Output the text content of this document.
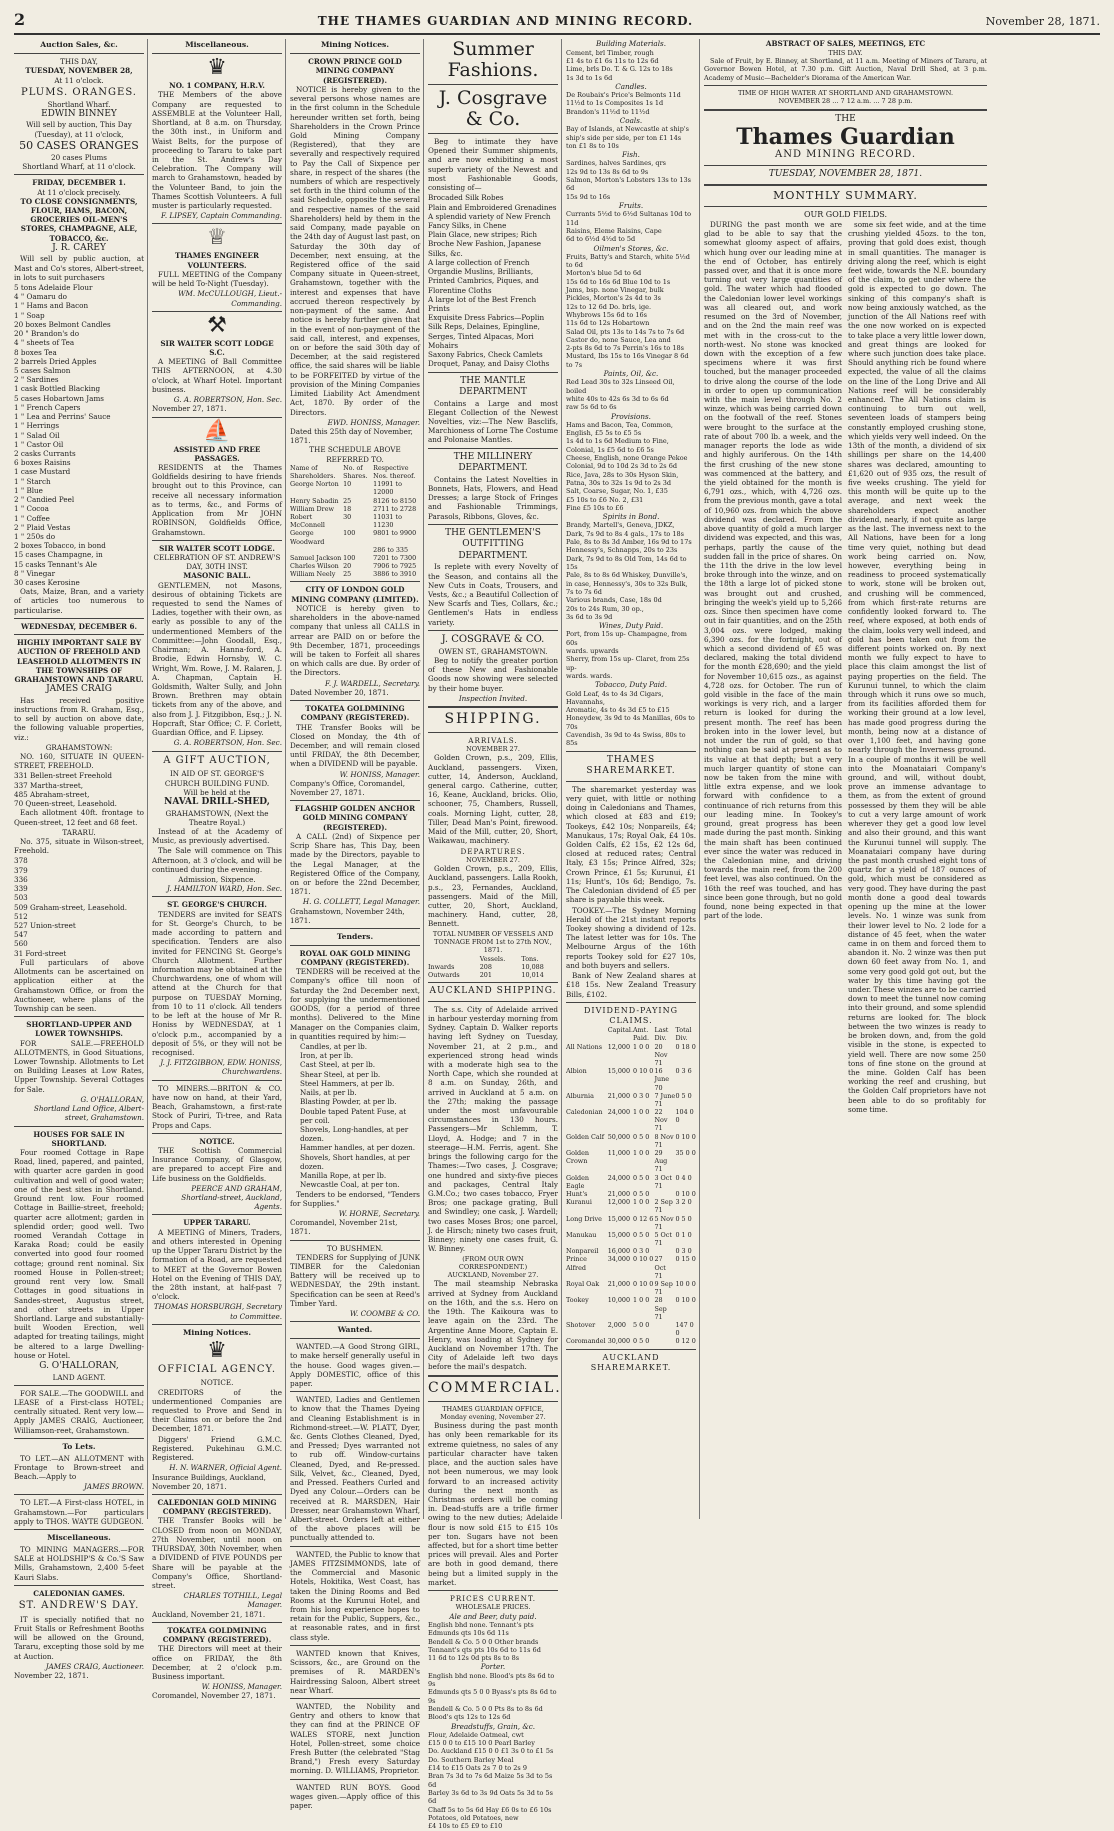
2	THE THAMES GUARDIAN AND MINING RECORD.	November 28, 1871.
Auction Sales, &c.
THIS DAY,
TUESDAY, NOVEMBER 28,
At 11 o'clock.
PLUMS. ORANGES.
Shortland Wharf.
EDWIN BINNEY
Will sell by auction, This Day (Tuesday), at 11 o'clock,
50 CASES ORANGES
20 cases Plums
Shortland Wharf, at 11 o'clock.
FRIDAY, DECEMBER 1.
At 11 o'clock precisely.
TO CLOSE CONSIGNMENTS,
FLOUR, HAMS, BACON, GROCERIES OIL-MEN'S STORES, CHAMPAGNE, ALE, TOBACCO, &c.
J. R. CAREY
Will sell by public auction, at Mast and Co's stores, Albert-street, in lots to suit purchasers
5 tons Adelaide Flour
4 " Oamaru do
1 " Hams and Bacon
1 " Soap
20 boxes Belmont Candles
20 " Brandon's do
4 " sheets of Tea
8 boxes Tea
2 barrels Dried Apples
5 cases Salmon
2 " Sardines
1 cask Bottled Blacking
5 cases Hobartown Jams
1 " French Capers
1 " Lea and Perrins' Sauce
1 " Herrings
1 " Salad Oil
1 " Castor Oil
2 casks Currants
6 boxes Raisins
1 case Mustard
1 " Starch
1 " Blue
2 " Candied Peel
1 " Cocoa
1 " Coffee
2 " Plaid Vestas
1 " 250s do
2 boxes Tobacco, in bond
15 cases Champagne, in
15 casks Tennant's Ale
8 " Vinegar
30 cases Kerosine
Oats, Maize, Bran, and a variety of articles too numerous to particularise.
WEDNESDAY, DECEMBER 6.
HIGHLY IMPORTANT SALE BY AUCTION OF FREEHOLD AND LEASEHOLD ALLOTMENTS IN THE TOWNSHIPS OF GRAHAMSTOWN AND TARARU.
JAMES CRAIG
Has received positive instructions from R. Graham, Esq., to sell by auction on above date, the following valuable properties, viz.:
GRAHAMSTOWN:
NO. 160, SITUATE IN QUEEN-STREET, FREEHOLD.
331 Bellen-street Freehold
337 Martha-street,
485 Abraham-street,
70 Queen-street, Leasehold.
Each allotment 40ft. frontage to Queen-street, 12 feet and 68 feet.
TARARU.
No. 375, situate in Wilson-street, Freehold.
378
379
336
339
503
509 Graham-street, Leasehold.
512
527 Union-street
547
560
31 Ford-street
Full particulars of above Allotments can be ascertained on application either at the Grahamstown Office, or from the Auctioneer, where plans of the Township can be seen.
SHORTLAND-UPPER AND LOWER TOWNSHIPS.
FOR SALE.—FREEHOLD ALLOTMENTS, in Good Situations, Lower Township. Allotments to Let on Building Leases at Low Rates, Upper Township. Several Cottages for Sale.
G. O'HALLORAN,
Shortland Land Office, Albert-street, Grahamstown.
HOUSES FOR SALE IN SHORTLAND.
Four roomed Cottage in Rape Road, lined, papered, and painted, with quarter acre garden in good cultivation and well of good water; one of the best sites in Shortland. Ground rent low. Four roomed Cottage in Baillie-street, freehold; quarter acre allotment; garden in splendid order; good well. Two roomed Verandah Cottage in Karaka Road; could be easily converted into good four roomed cottage; ground rent nominal. Six roomed House in Pollen-street; ground rent very low. Small Cottages in good situations in Sandes-street, Augustus street, and other streets in Upper Shortland. Large and substantially-built Wooden Erection, well adapted for treating tailings, might be altered to a large Dwelling-house or Hotel.
G. O'HALLORAN,
LAND AGENT.
FOR SALE.—The GOODWILL and LEASE of a First-class HOTEL; centrally situated. Rent very low.—Apply JAMES CRAIG, Auctioneer, Williamson-reet, Grahamstown.
To Lets.
TO LET.—AN ALLOTMENT with Frontage to Brown-street and Beach.—Apply to
JAMES BROWN.
TO LET.—A First-class HOTEL, in Grahamstown.—For particulars apply to THOS. WAYTE GUDGEON.
Miscellaneous.
TO MINING MANAGERS.—FOR SALE at HOLDSHIP'S & Co.'S Saw Mills, Grahamstown, 2,400 5-feet Kauri Slabs.
CALEDONIAN GAMES.
ST. ANDREW'S DAY.
IT is specially notified that no Fruit Stalls or Refreshment Booths will be allowed on the Ground, Tararu, excepting those sold by me at Auction.
JAMES CRAIG, Auctioneer.
November 22, 1871.
Miscellaneous.
♛
NO. 1 COMPANY, H.R.V.
THE Members of the above Company are requested to ASSEMBLE at the Volunteer Hall, Shortland, at 8 a.m. on Thursday, the 30th inst., in Uniform and Waist Belts, for the purpose of proceeding to Tararu to take part in the St. Andrew's Day Celebration. The Company will march to Grahamstown, headed by the Volunteer Band, to join the Thames Scottish Volunteers. A full muster is particularly requested.
F. LIPSEY, Captain Commanding.
♕
THAMES ENGINEER VOLUNTEERS.
FULL MEETING of the Company will be held To-Night (Tuesday).
WM. McCULLOUGH, Lieut.-Commanding.
⚒
SIR WALTER SCOTT LODGE S.C.
A MEETING of Ball Committee THIS AFTERNOON, at 4.30 o'clock, at Wharf Hotel. Important business.
G. A. ROBERTSON, Hon. Sec.
November 27, 1871.
⛵
ASSISTED AND FREE PASSAGES.
RESIDENTS at the Thames Goldfields desiring to have friends brought out to this Province, can receive all necessary information as to terms, &c., and Forms of Application from Mr JOHN ROBINSON, Goldfields Office, Grahamstown.
SIR WALTER SCOTT LODGE.
CELEBRATION OF ST. ANDREW'S DAY, 30TH INST.
MASONIC BALL.
GENTLEMEN, not Masons, desirous of obtaining Tickets are requested to send the Names of Ladies, together with their own, as early as possible to any of the undermentioned Members of the Committee:—John Goodall, Esq., Chairman; A. Hanna-ford, A. Brodie, Edwin Hornsby, W. C. Wright, Wm. Rowe, J. M. Ralaren, J. A. Chapman, Captain H. Goldsmith, Walter Sully, and John Brown. Brethren may obtain tickets from any of the above, and also from J. J. Fitzgibbon, Esq.; J. N. Hopcraft, Star Office; C. F. Corlett, Guardian Office, and F. Lipsey.
G. A. ROBERTSON, Hon. Sec.
A GIFT AUCTION,
IN AID OF ST. GEORGE'S CHURCH BUILDING FUND.
Will be held at the
NAVAL DRILL-SHED,
GRAHAMSTOWN, (Next the Theatre Royal.)
Instead of at the Academy of Music, as previously advertised.
The Sale will commence on This Afternoon, at 3 o'clock, and will be continued during the evening.
Admission, Sixpence.
J. HAMILTON WARD, Hon. Sec.
ST. GEORGE'S CHURCH.
TENDERS are invited for SEATS for St. George's Church, to be made according to pattern and specification. Tenders are also invited for FENCING St. George's Church Allotment. Further information may be obtained at the Churchwardens, one of whom will attend at the Church for that purpose on TUESDAY Morning, from 10 to 11 o'clock. All tenders to be left at the house of Mr R. Honiss by WEDNESDAY, at 1 o'clock p.m., accompanied by a deposit of 5%, or they will not be recognised.
J. J. FITZGIBBON, EDW. HONISS, Churchwardens.
TO MINERS.—BRITON & CO. have now on hand, at their Yard, Beach, Grahamstown, a first-rate Stock of Puriri, Ti-tree, and Rata Props and Caps.
NOTICE.
THE Scottish Commercial Insurance Company, of Glasgow, are prepared to accept Fire and Life business on the Goldfields.
PEERCE AND GRAHAM, Shortland-street, Auckland, Agents.
UPPER TARARU.
A MEETING of Miners, Traders, and others interested in Opening up the Upper Tararu District by the formation of a Road, are requested to MEET at the Governor Bowen Hotel on the Evening of THIS DAY, the 28th instant, at half-past 7 o'clock.
THOMAS HORSBURGH, Secretary to Committee.
Mining Notices.
♛
OFFICIAL AGENCY.
NOTICE.
CREDITORS of the undermentioned Companies are requested to Prove and Send in their Claims on or before the 2nd December, 1871.
Diggers' Friend G.M.C. Registered. Pukehinau G.M.C. Registered.
H. N. WARNER, Official Agent.
Insurance Buildings, Auckland, November 20, 1871.
CALEDONIAN GOLD MINING COMPANY (REGISTERED).
THE Transfer Books will be CLOSED from noon on MONDAY, 27th November, until noon on THURSDAY, 30th November, when a DIVIDEND of FIVE POUNDS per Share will be payable at the Company's Office, Shortland-street.
CHARLES TOTHILL, Legal Manager.
Auckland, November 21, 1871.
TOKATEA GOLDMINING COMPANY (REGISTERED).
THE Directors will meet at their office on FRIDAY, the 8th December, at 2 o'clock p.m. Business important.
W. HONISS, Manager.
Coromandel, November 27, 1871.
Mining Notices.
CROWN PRINCE GOLD MINING COMPANY (REGISTERED).
NOTICE is hereby given to the several persons whose names are in the first column in the Schedule hereunder written set forth, being Shareholders in the Crown Prince Gold Mining Company (Registered), that they are severally and respectively required to Pay the Call of Sixpence per share, in respect of the shares (the numbers of which are respectively set forth in the third column of the said Schedule, opposite the several and respective names of the said Shareholders) held by them in the said Company, made payable on the 24th day of August last past, on Saturday the 30th day of December, next ensuing, at the Registered office of the said Company situate in Queen-street, Grahamstown, together with the interest and expenses that have accrued thereon respectively by non-payment of the same. And notice is hereby further given that in the event of non-payment of the said call, interest, and expenses, on or before the said 30th day of December, at the said registered office, the said shares will be liable to be FORFEITED by virtue of the provision of the Mining Companies Limited Liability Act Amendment Act, 1870. By order of the Directors.
EWD. HONISS, Manager.
Dated this 25th day of November, 1871.
THE SCHEDULE ABOVE REFERRED TO.
Name of Shareholders.	No. of Shares.	Respective Nos. thereof.
George Norton	10	11991 to 12000
Henry Sabadin	25	8126 to 8150
William Drew	18	2711 to 2728
Robert McConnell	30	11031 to 11230
George Woodward	100	9801 to 9900
		286 to 335
Samuel Jackson	100	7201 to 7300
Charles Wilson	20	7906 to 7925
William Neely	25	3886 to 3910
CITY OF LONDON GOLD MINING COMPANY (LIMITED).
NOTICE is hereby given to shareholders in the above-named company that unless all CALLS in arrear are PAID on or before the 9th December, 1871, proceedings will be taken to Forfeit all shares on which calls are due. By order of the Directors.
F. J. WARDELL, Secretary.
Dated November 20, 1871.
TOKATEA GOLDMINING COMPANY (REGISTERED).
THE Transfer Books will be Closed on Monday, the 4th of December, and will remain closed until FRIDAY, the 8th December, when a DIVIDEND will be payable.
W. HONISS, Manager.
Company's Office, Coromandel, November 27, 1871.
FLAGSHIP GOLDEN ANCHOR GOLD MINING COMPANY (REGISTERED).
A CALL (2nd) of Sixpence per Scrip Share has, This Day, been made by the Directors, payable to the Legal Manager, at the Registered Office of the Company, on or before the 22nd December, 1871.
H. G. COLLETT, Legal Manager.
Grahamstown, November 24th, 1871.
Tenders.
ROYAL OAK GOLD MINING COMPANY (REGISTERED).
TENDERS will be received at the Company's office till noon of Saturday the 2nd December next, for supplying the undermentioned GOODS, (for a period of three months). Delivered to the Mine Manager on the Companies claim, in quantities required by him:—
Candles, at per lb.
Iron, at per lb.
Cast Steel, at per lb.
Shear Steel, at per lb.
Steel Hammers, at per lb.
Nails, at per lb.
Blasting Powder, at per lb.
Double taped Patent Fuse, at per coil.
Shovels, Long-handles, at per dozen.
Hammer handles, at per dozen.
Shovels, Short handles, at per dozen.
Manilla Rope, at per lb.
Newcastle Coal, at per ton.
Tenders to be endorsed, "Tenders for Supplies."
W. HORNE, Secretary.
Coromandel, November 21st, 1871.
TO BUSHMEN.
TENDERS for Supplying of JUNK TIMBER for the Caledonian Battery will be received up to WEDNESDAY, the 29th instant. Specification can be seen at Reed's Timber Yard.
W. COOMBE & CO.
Wanted.
WANTED.—A Good Strong GIRL, to make herself generally useful in the house. Good wages given.—Apply DOMESTIC, office of this paper.
WANTED, Ladies and Gentlemen to know that the Thames Dyeing and Cleaning Establishment is in Richmond-street.—W. PLATT, Dyer, &c. Gents Clothes Cleaned, Dyed, and Pressed; Dyes warranted not to rub off. Window-curtains Cleaned, Dyed, and Re-pressed. Silk, Velvet, &c., Cleaned, Dyed, and Pressed. Feathers Curled and Dyed any Colour.—Orders can be received at R. MARSDEN, Hair Dresser, near Grahamstown Wharf, Albert-street. Orders left at either of the above places will be punctually attended to.
WANTED, the Public to know that JAMES FITZSIMMONDS, late of the Commercial and Masonic Hotels, Hokitika, West Coast, has taken the Dining Rooms and Bed Rooms at the Kurunui Hotel, and from his long experience hopes to retain for the Public, Suppers, &c., at reasonable rates, and in first class style.
WANTED known that Knives, Scissors, &c., are Ground on the premises of R. MARDEN's Hairdressing Saloon, Albert street near Wharf.
WANTED, the Nobility and Gentry and others to know that they can find at the PRINCE OF WALES STORE, next Junction Hotel, Pollen-street, some choice Fresh Butter (the celebrated "Stag Brand,") Fresh every Saturday morning. D. WILLIAMS, Proprietor.
WANTED RUN BOYS. Good wages given.—Apply office of this paper.
Summer Fashions.
J. Cosgrave & Co.
Beg to intimate they have Opened their Summer shipments, and are now exhibiting a most superb variety of the Newest and most Fashionable Goods, consisting of—
Brocaded Silk Robes
Plain and Embroidered Grenadines
A splendid variety of New French Fancy Silks, in Chene
Plain Glace, new stripes; Rich Broche New Fashion, Japanese Silks, &c.
A large collection of French Organdie Muslins, Brilliants, Printed Cambrics, Piques, and Florentine Cloths
A large lot of the Best French Prints
Exquisite Dress Fabrics—Poplin Silk Reps, Delaines, Epingline, Serges, Tinted Alpacas, Mori Mohairs
Saxony Fabrics, Check Camlets
Droquet, Panay, and Daisy Cloths
THE MANTLE DEPARTMENT
Contains a Large and most Elegant Collection of the Newest Novelties, viz:—The New Basclifs, Marchioness of Lorne The Costume and Polonaise Mantles.
THE MILLINERY DEPARTMENT.
Contains the Latest Novelties in Bonnets, Hats, Flowers, and Head Dresses; a large Stock of Fringes and Fashionable Trimmings, Parasols, Ribbons, Gloves, &c.
THE GENTLEMEN'S OUTFITTING DEPARTMENT.
Is replete with every Novelty of the Season, and contains all the New Cuts in Coats, Trousers, and Vests, &c.; a Beautiful Collection of New Scarfs and Ties, Collars, &c.; Gentlemen's Hats in endless variety.
J. COSGRAVE & CO.
OWEN ST., GRAHAMSTOWN.
Beg to notify the greater portion of these New and Fashionable Goods now showing were selected by their home buyer.
Inspection Invited.
SHIPPING.
ARRIVALS.
NOVEMBER 27.
Golden Crown, p.s., 209, Ellis, Auckland, passengers. Vixen, cutter, 14, Anderson, Auckland, general cargo. Catherine, cutter, 16, Keane, Auckland, bricks. Olio, schooner, 75, Chambers, Russell, coals. Morning Light, cutter, 28, Tiller, Dead Man's Point, firewood. Maid of the Mill, cutter, 20, Short, Waikawau, machinery.
DEPARTURES.
NOVEMBER 27.
Golden Crown, p.s., 209, Ellis, Auckland, passengers. Lalla Rookh, p.s., 23, Fernandes, Auckland, passengers. Maid of the Mill, cutter, 20, Short, Auckland, machinery. Hand, cutter, 28, Bennett.
TOTAL NUMBER OF VESSELS AND TONNAGE FROM 1st to 27th NOV., 1871.
	Vessels.	Tons.
Inwards	208	10,088
Outwards	201	10,014
AUCKLAND SHIPPING.
The s.s. City of Adelaide arrived in harbour yesterday morning from Sydney. Captain D. Walker reports having left Sydney on Tuesday, November 21, at 2 p.m., and experienced strong head winds with a moderate high sea to the North Cape, which she rounded at 8 a.m. on Sunday, 26th, and arrived in Auckland at 5 a.m. on the 27th; making the passage under the most unfavourable circumstances in 130 hours. Passengers—Mr Schlemm, T. Lloyd, A. Hodge; and 7 in the steerage—H.M. Ferris, agent. She brings the following cargo for the Thames:—Two cases, J. Cosgrave; one hundred and sixty-five pieces and packages, Central Italy G.M.Co.; two cases tobacco, Fryer Bros; one package grating, Bull and Swindley; one cask, J. Wardell; two cases Moses Bros; one parcel, J. de Hirsch; ninety two cases fruit, Binney; ninety one cases fruit, G. W. Binney.
(FROM OUR OWN CORRESPONDENT.)
AUCKLAND, November 27.
The mail steamship Nebraska arrived at Sydney from Auckland on the 16th, and the s.s. Hero on the 19th. The Kaikoura was to leave again on the 23rd. The Argentine Anne Moore, Captain E. Henry, was loading at Sydney for Auckland on November 17th. The City of Adelaide left two days before the mail's despatch.
COMMERCIAL.
THAMES GUARDIAN OFFICE,
Monday evening, November 27.
Business during the past month has only been remarkable for its extreme quietness, no sales of any particular character have taken place, and the auction sales have not been numerous, we may look forward to an increased activity during the next month as Christmas orders will be coming in. Dead-stuffs are a trifle firmer owing to the new duties; Adelaide flour is now sold £15 to £15 10s per ton. Sugars have not been affected, but for a short time better prices will prevail. Ales and Porter are both in good demand, there being but a limited supply in the market.
PRICES CURRENT.
WHOLESALE PRICES.
Ale and Beer, duty paid.
English bhd none. Tennant's pts
Edmunds qts 10s 6d 11s
Bendell & Co. 5 0 0 Other brands
Tennant's qts pts 10s 6d to 11s 6d
11 6d to 12s 0d pts 8s to 8s
Porter.
English bhd none. Blood's pts 8s 6d to 9s
Edmunds qts 5 0 0 Byass's pts 8s 6d to 9s
Bendell & Co. 5 0 0 Pts 8s to 8s 6d
Blood's qts 12s to 12s 6d
Breadstuffs, Grain, &c.
Flour, Adelaide Oatmeal, cwt
£15 0 0 to £15 10 0 Pearl Barley
Do. Auckland £15 0 0 £1 3s 0 to £1 5s
Do. Southern Barley Meal
£14 to £15 Oats 2s 7 0 to 2s 9
Bran 7s 3d to 7s 6d Maize 5s 3d to 5s 6d
Barley 3s 6d to 3s 9d Oats 5s 3d to 5s 6d
Chaff 5s to 5s 6d Hay £6 0s to £6 10s
Potatoes, old Potatoes, new
£4 10s to £5 £9 to £10
Building Materials.
Cement, brl Timber, rough
£1 4s to £1 6s 11s to 12s 6d
Lime, brls Do. T. & G. 12s to 18s
1s 3d to 1s 6d
Candles.
De Roubaix's Price's Belmonts 11d
11½d to 1s Composites 1s 1d
Brandon's 11½d to 11½d
Coals.
Bay of Islands, at Newcastle at ship's
ship's side per side, per ton £1 14s
ton £1 8s to 10s
Fish.
Sardines, halves Sardines, qrs
12s 9d to 13s 8s 6d to 9s
Salmon, Morton's Lobsters 13s to 13s 6d
15s 9d to 16s
Fruits.
Currants 5½d to 6½d Sultanas 10d to 11d
Raisins, Eleme Raisins, Cape
6d to 6½d 4½d to 5d
Oilmen's Stores, &c.
Fruits, Batty's and Starch, white 5½d to 6d
Morton's blue 5d to 6d
15s 6d to 16s 6d Blue 10d to 1s
Jams, bsp. none Vinegar, bulk
Pickles, Morton's 2s 4d to 3s
12s to 12 6d Do. brls, ige.
Whybrows 15s 6d to 16s
11s 6d to 12s Hobartown
Salad Oil, pts 13s to 14s 7s to 7s 6d
Castor do, none Sauce, Lea and
2-pts 8s 6d to 7s Perrin's 16s to 18s
Mustard, Ibs 15s to 16s Vinegar 8 6d to 7s
Paints, Oil, &c.
Red Lead 30s to 32s Linseed Oil, boiled
white 40s to 42s 6s 3d to 6s 6d
raw 5s 6d to 6s
Provisions.
Hams and Bacon, Tea, Common,
English, £5 5s to £5 5s
1s 4d to 1s 6d Medium to Fine,
Colonial, 1s £5 6d to £6 5s
Cheese, English, none Orange Pekoe
Colonial, 9d to 10d 2s 3d to 2s 6d
Rice, Java, 28s to 30s Hyson Skin,
Patna, 30s to 32s 1s 9d to 2s 3d
Salt, Coarse, Sugar, No. 1, £35
£5 10s to £6 No. 2, £31
Fine £5 10s to £6
Spirits in Bond.
Brandy, Martell's, Geneva, JDKZ,
Dark, 7s 9d to 8s 4 gals., 17s to 18s
Pale, 8s to 8s 3d Amber, 16s 9d to 17s
Hennessy's, Schnapps, 20s to 23s
Dark, 7s 9d to 8s Old Tom, 14s 6d to 15s
Pale, 8s to 8s 6d Whiskey, Dunville's,
in case, Hennessy's, 30s to 32s Bulk, 7s to 7s 6d
Various brands, Case, 18s 0d
20s to 24s Rum, 30 op.,
3s 6d to 3s 9d
Wines, Duty Paid.
Port, from 15s up- Champagne, from 60s
wards. upwards
Sherry, from 15s up- Claret, from 25s up-
wards. wards.
Tobacco, Duty Paid.
Gold Leaf, 4s to 4s 3d Cigars, Havannahs,
Aromatic, 4s to 4s 3d £5 to £15
Honeydew, 3s 9d to 4s Manillas, 60s to 70s
Cavendish, 3s 9d to 4s Swiss, 80s to 85s
THAMES SHAREMARKET.
The sharemarket yesterday was very quiet, with little or nothing doing in Caledonians and Thames, which closed at £83 and £19; Tookeys, £42 10s; Nonpareils, £4; Manukaus, 17s; Royal Oak, £4 10s. Golden Calfs, £2 15s, £2 12s 6d, closed at reduced rates; Central Italy, £3 15s; Prince Alfred, 32s; Crown Prince, £1 5s; Kurunui, £1 11s; Hunt's, 10s 6d; Bendigo, 7s. The Caledonian dividend of £5 per share is payable this week.
TOOKEY.—The Sydney Morning Herald of the 21st instant reports Tookey showing a dividend of 12s. The latest letter was for 10s. The Melbourne Argus of the 16th reports Tookey sold for £27 10s, and both buyers and sellers.
Bank of New Zealand shares at £18 15s. New Zealand Treasury Bills, £102.
DIVIDEND-PAYING CLAIMS.
	Capital.	Amt. Paid.	Last Div.	Total Div.
All Nations	12,000	1 0 0	20 Nov 71	0 18 0
Albion	15,000	0 10 0	16 June 70	0 3 6
Alburnia	21,000	0 3 0	7 June 71	0 5 0
Caledonian	24,000	1 0 0	22 Nov 71	104 0 0
Golden Calf	50,000	0 5 0	8 Nov 71	0 10 0
Golden Crown	11,000	1 0 0	29 Aug 71	35 0 0
Golden Eagle	24,000	0 5 0	3 Oct 71	0 4 0
Hunt's	21,000	0 5 0		0 10 0
Kuranui	12,000	1 0 0	2 Sep 71	3 2 0
Long Drive	15,000	0 12 6	5 Nov 71	0 5 0
Manukau	15,000	0 5 0	5 Oct 71	0 1 0
Nonpareil	16,000	0 3 0		0 3 0
Prince Alfred	34,000	0 10 0	27 Oct 71	0 15 0
Royal Oak	21,000	0 10 0	9 Sep 71	10 0 0
Tookey	10,000	1 0 0	28 Sep 71	0 10 0
Shotover	2,000	5 0 0		147 0 0
Coromandel	30,000	0 5 0		0 12 0
AUCKLAND SHAREMARKET.
ABSTRACT OF SALES, MEETINGS, ETC
THIS DAY.
Sale of Fruit, by E. Binney, at Shortland, at 11 a.m. Meeting of Miners of Tararu, at Governor Bowen Hotel, at 7.30 p.m. Gift Auction, Naval Drill Shed, at 3 p.m. Academy of Music—Bachelder's Diorama of the American War.
TIME OF HIGH WATER AT SHORTLAND AND GRAHAMSTOWN.
NOVEMBER 28 ... 7 12 a.m. ... 7 28 p.m.
THE
Thames Guardian
AND MINING RECORD.
TUESDAY, NOVEMBER 28, 1871.
MONTHLY SUMMARY.
OUR GOLD FIELDS.
DURING the past month we are glad to be able to say that the somewhat gloomy aspect of affairs, which hung over our leading mine at the end of October, has entirely passed over, and that it is once more turning out very large quantities of gold. The water which had flooded the Caledonian lower level workings was all cleared out, and work resumed on the 3rd of November, and on the 2nd the main reef was met with in the cross-cut to the north-west. No stone was knocked down with the exception of a few specimens where it was first touched, but the manager proceeded to drive along the course of the lode in order to open up communication with the main level through No. 2 winze, which was being carried down on the footwall of the reef. Stones were brought to the surface at the rate of about 700 lb. a week, and the manager reports the lode as wide and highly auriferous. On the 14th the first crushing of the new stone was commenced at the battery, and the yield obtained for the month is 6,791 ozs., which, with 4,726 ozs. from the previous month, gave a total of 10,960 ozs. from which the above dividend was declared. From the above quantity of gold a much larger dividend was expected, and this was, perhaps, partly the cause of the sudden fall in the price of shares. On the 11th the drive in the low level broke through into the winze, and on the 18th a large lot of picked stone was brought out and crushed, bringing the week's yield up to 5,266 ozs. Since then specimen have come out in fair quantities, and on the 25th 3,004 ozs. were lodged, making 6,390 ozs. for the fortnight, out of which a second dividend of £5 was declared, making the total dividend for the month £28,690; and the yield for November 10,615 ozs., as against 4,728 ozs. for October. The run of gold visible in the face of the main workings is very rich, and a larger return is looked for during the present month. The reef has been broken into in the lower level, but not under the run of gold, so that nothing can be said at present as to its value at that depth; but a very much larger quantity of stone can now be taken from the mine with little extra expense, and we look forward with confidence to a continuance of rich returns from this our leading mine. In Tookey's ground, great progress has been made during the past month. Sinking the main shaft has been continued ever since the water was reduced in the Caledonian mine, and driving towards the main reef, from the 200 feet level, was also continued. On the 16th the reef was touched, and has since been gone through, but no gold found, none being expected in that part of the lode.
some six feet wide, and at the time crushing yielded 45ozs. to the ton, proving that gold does exist, though in small quantities. The manager is driving along the reef, which is eight feet wide, towards the N.E. boundary of the claim, to get under where the gold is expected to go down. The sinking of this company's shaft is now being anxiously watched, as the junction of the All Nations reef with the one now worked on is expected to take place a very little lower down, and great things are looked for where such junction does take place. Should anything rich be found where expected, the value of all the claims on the line of the Long Drive and All Nations reef will be considerably enhanced. The All Nations claim is continuing to turn out well, seventeen loads of stampers being constantly employed crushing stone, which yields very well indeed. On the 13th of the month, a dividend of six shillings per share on the 14,400 shares was declared, amounting to £1,620 out of 935 ozs, the result of five weeks crushing. The yield for this month will be quite up to the average, and next week the shareholders expect another dividend, nearly, if not quite as large as the last. The inverness next to the All Nations, have been for a long time very quiet, nothing but dead work being carried on. Now, however, everything being in readiness to proceed systematically to work, stone will be broken out, and crushing will be commenced, from which first-rate returns are confidently looked forward to. The reef, where exposed, at both ends of the claim, looks very well indeed, and gold has been taken out from the different points worked on. By next month we fully expect to have to place this claim amongst the list of paying properties on the field. The Kurunui tunnel, to which the claim through which it runs owe so much, from its facilities afforded them for working their ground at a low level, has made good progress during the month, being now at a distance of over 1,100 feet, and having gone nearly through the Inverness ground. In a couple of months it will be well into the Moanataiari Company's ground, and will, without doubt, prove an immense advantage to them, as from the extent of ground possessed by them they will be able to cut a very large amount of work wherever they get a good low level and also their ground, and this want the Kurunui tunnel will supply. The Moanataiari company have during the past month crushed eight tons of quartz for a yield of 187 ounces of gold, which must be considered as very good. They have during the past month done a good deal towards opening up the mine at the lower levels. No. 1 winze was sunk from their lower level to No. 2 lode for a distance of 45 feet, when the water came in on them and forced them to abandon it. No. 2 winze was then put down 60 feet away from No. 1, and some very good gold got out, but the water by this time having got the under. These winzes are to be carried down to meet the tunnel now coming into their ground, and some splendid returns are looked for. The block between the two winzes is ready to be broken down, and, from the gold visible in the stone, is expected to yield well. There are now some 250 tons of fine stone on the ground at the mine. Golden Calf has been working the reef and crushing, but the Golden Calf proprietors have not been able to do so profitably for some time.
